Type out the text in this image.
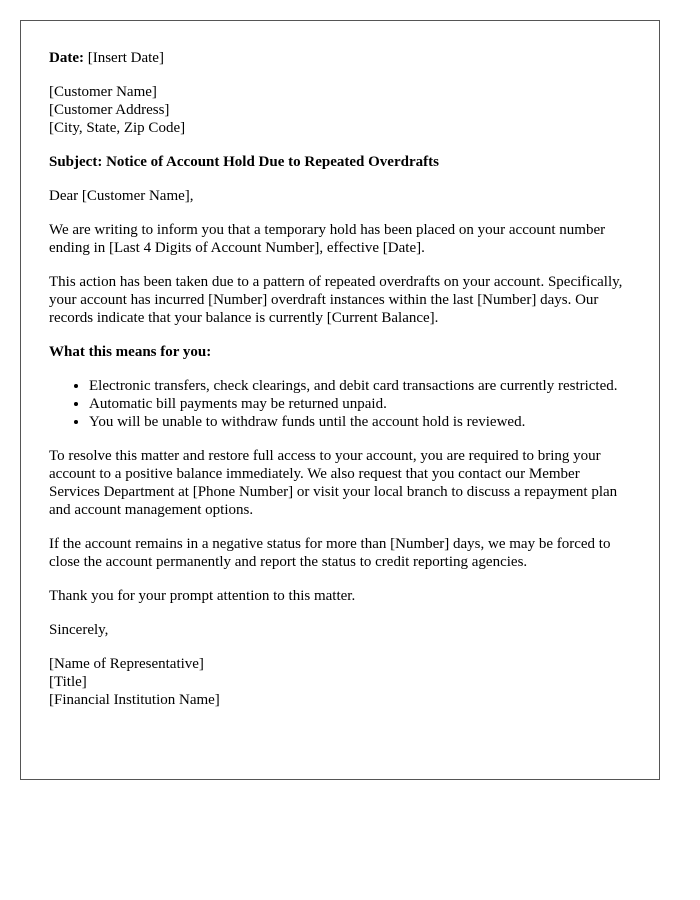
Date: [Insert Date]

[Customer Name]
[Customer Address]
[City, State, Zip Code]

Subject: Notice of Account Hold Due to Repeated Overdrafts

Dear [Customer Name],

We are writing to inform you that a temporary hold has been placed on your account number ending in [Last 4 Digits of Account Number], effective [Date].

This action has been taken due to a pattern of repeated overdrafts on your account. Specifically, your account has incurred [Number] overdraft instances within the last [Number] days. Our records indicate that your balance is currently [Current Balance].

What this means for you:

• Electronic transfers, check clearings, and debit card transactions are currently restricted.
• Automatic bill payments may be returned unpaid.
• You will be unable to withdraw funds until the account hold is reviewed.

To resolve this matter and restore full access to your account, you are required to bring your account to a positive balance immediately. We also request that you contact our Member Services Department at [Phone Number] or visit your local branch to discuss a repayment plan and account management options.

If the account remains in a negative status for more than [Number] days, we may be forced to close the account permanently and report the status to credit reporting agencies.

Thank you for your prompt attention to this matter.

Sincerely,

[Name of Representative]
[Title]
[Financial Institution Name]
